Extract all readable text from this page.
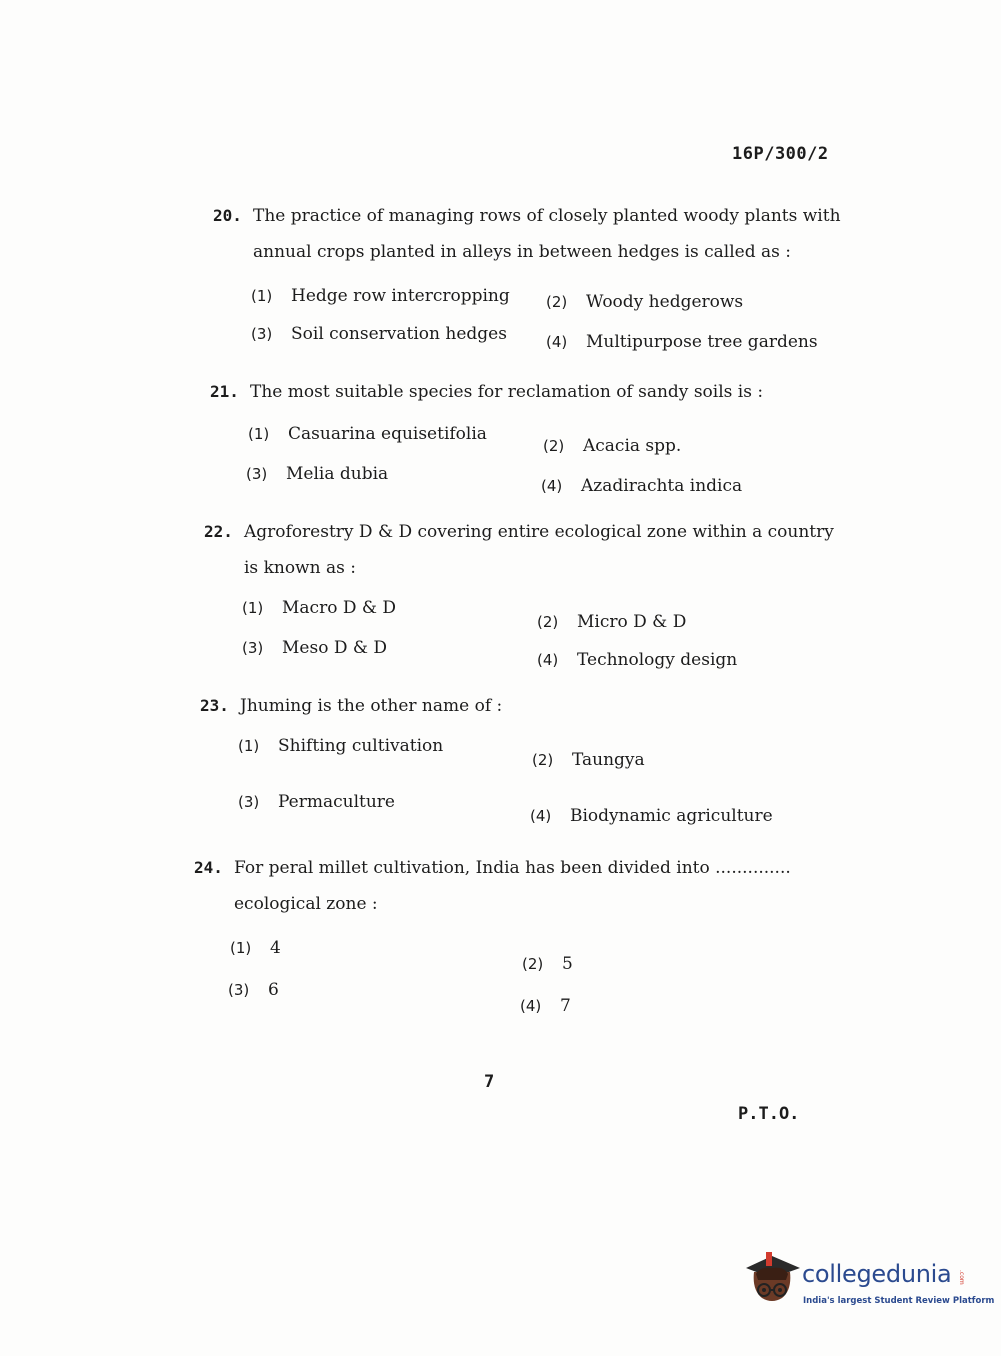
16P/300/2
20. The practice of managing rows of closely planted woody plants with annual crops planted in alleys in between hedges is called as :
(1) Hedge row intercropping (2) Woody hedgerows
(3) Soil conservation hedges	(4) Multipurpose tree gardens
21. The most suitable species for reclamation of sandy soils is :
(1) Casuarina equisetifolia
(2) Acacia spp.
(3) Melia dubia
(4) Azadirachta indica
22. Agroforestry D & D covering entire ecological zone within a country is known as :
(1) Macro D & D
(2) Micro D & D
(3) Meso D & D
(4) Technology design
23. Jhuming is the other name of :
(1) Shifting cultivation
(2) Taungya
(3) Permaculture
(4) Biodynamic agriculture
24. For peral millet cultivation, India has been divided into .............. ecological zone :
(1) 4
(2) 5
(3) 6
(4) 7
7
P.T.O.
collegedunia .com
India's largest Student Review Platform
